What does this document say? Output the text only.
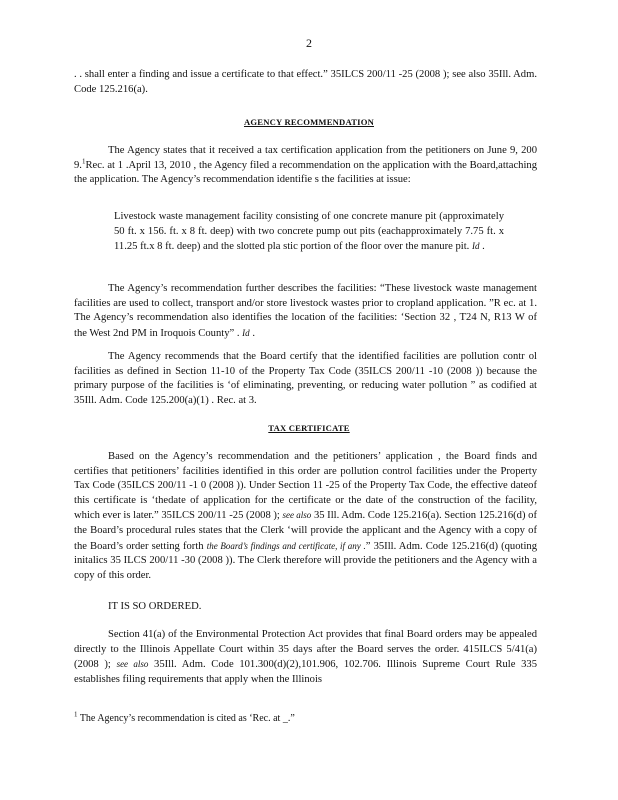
2
. . shall enter a finding and issue a certificate to that effect.” 35ILCS 200/11 -25 (2008 ); see also 35Ill. Adm. Code 125.216(a).
AGENCY RECOMMENDATION
The Agency states that it received a tax certification application from the petitioners on June 9, 200 9.$^1$Rec. at 1 .April 13, 2010 , the Agency filed a recommendation on the application with the Board,attaching the application. The Agency’s recommendation identifie s the facilities at issue:
Livestock waste management facility consisting of one concrete manure pit (approximately 50 ft. x 156. ft. x 8 ft. deep) with two concrete pump out pits (eachapproximately 7.75 ft. x 11.25 ft.x 8 ft. deep) and the slotted pla stic portion of the floor over the manure pit. Id .
The Agency’s recommendation further describes the facilities: “These livestock waste management facilities are used to collect, transport and/or store livestock wastes prior to cropland application. ”R ec. at 1. The Agency’s recommendation also identifies the location of the facilities: ‘Section 32 , T24 N, R13 W of the West 2nd PM in Iroquois County” . Id .
The Agency recommends that the Board certify that the identified facilities are pollution contr ol facilities as defined in Section 11-10 of the Property Tax Code (35ILCS 200/11 -10 (2008 )) because the primary purpose of the facilities is ‘of eliminating, preventing, or reducing water pollution ” as codified at 35Ill. Adm. Code 125.200(a)(1) . Rec. at 3.
TAX CERTIFICATE
Based on the Agency’s recommendation and the petitioners’ application , the Board finds and certifies that petitioners’ facilities identified in this order are pollution control facilities under the Property Tax Code (35ILCS 200/11 -1 0 (2008 )). Under Section 11 -25 of the Property Tax Code, the effective dateof this certificate is ‘thedate of application for the certificate or the date of the construction of the facility, which ever is later.” 35ILCS 200/11 -25 (2008 ); see also 35 Ill. Adm. Code 125.216(a). Section 125.216(d) of the Board’s procedural rules states that the Clerk ‘will provide the applicant and the Agency with a copy of the Board’s order setting forth the Board’s findings and certificate, if any .” 35Ill. Adm. Code 125.216(d) (quoting initalics 35 ILCS 200/11 -30 (2008 )). The Clerk therefore will provide the petitioners and the Agency with a copy of this order.
IT IS SO ORDERED.
Section 41(a) of the Environmental Protection Act provides that final Board orders may be appealed directly to the Illinois Appellate Court within 35 days after the Board serves the order. 415ILCS 5/41(a) (2008 ); see also 35Ill. Adm. Code 101.300(d)(2),101.906, 102.706. Illinois Supreme Court Rule 335 establishes filing requirements that apply when the Illinois
$^1$ The Agency’s recommendation is cited as ‘Rec. at _.”
